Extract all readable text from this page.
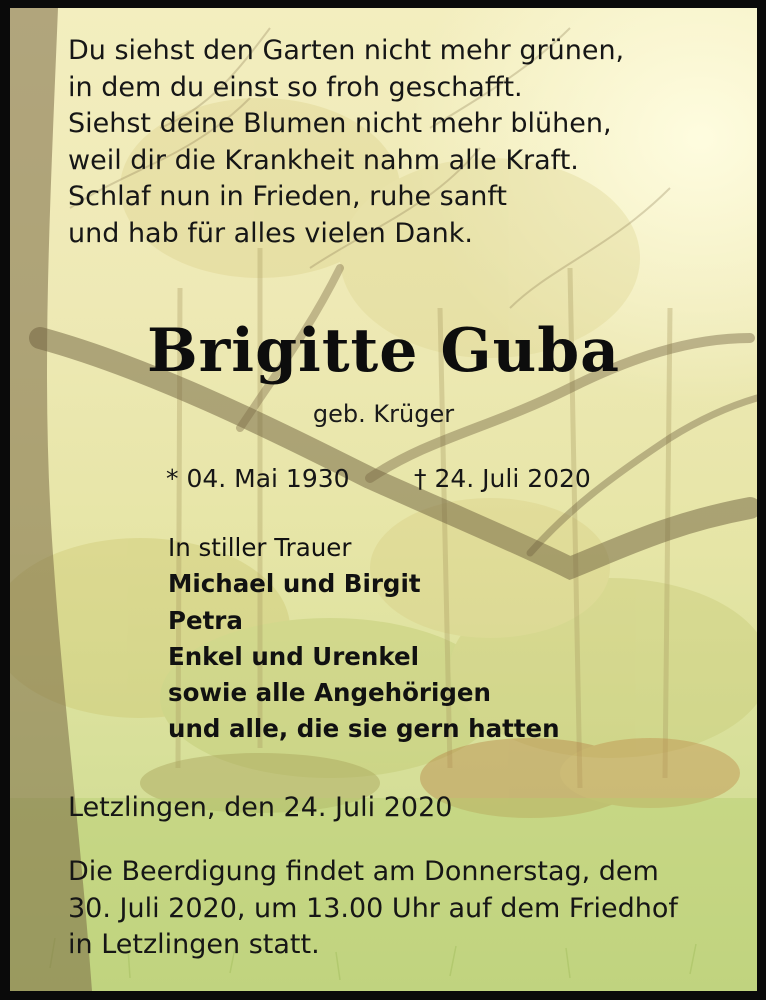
Du siehst den Garten nicht mehr grünen,
in dem du einst so froh geschafft.
Siehst deine Blumen nicht mehr blühen,
weil dir die Krankheit nahm alle Kraft.
Schlaf nun in Frieden, ruhe sanft
und hab für alles vielen Dank.

Brigitte Guba

geb. Krüger

* 04. Mai 1930	† 24. Juli 2020

In stiller Trauer
Michael und Birgit
Petra
Enkel und Urenkel
sowie alle Angehörigen
und alle, die sie gern hatten

Letzlingen, den 24. Juli 2020

Die Beerdigung findet am Donnerstag, dem
30. Juli 2020, um 13.00 Uhr auf dem Friedhof
in Letzlingen statt.
